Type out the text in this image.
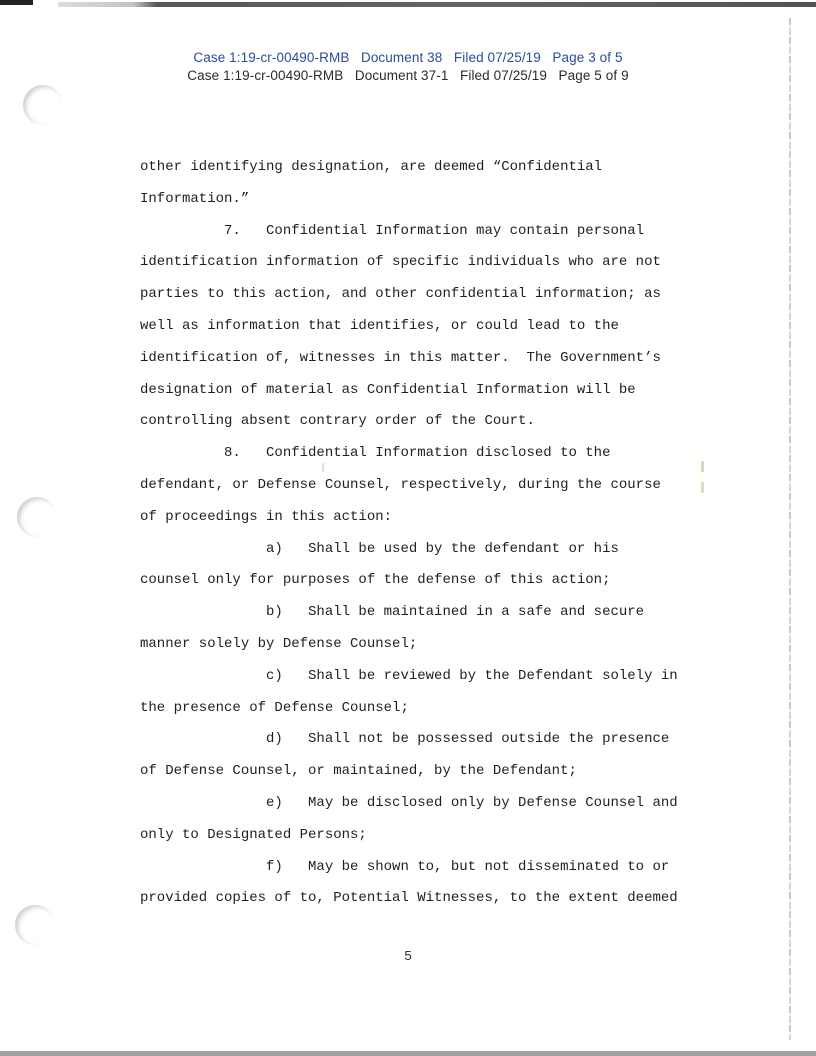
Case 1:19-cr-00490-RMB   Document 38   Filed 07/25/19   Page 3 of 5
Case 1:19-cr-00490-RMB   Document 37-1   Filed 07/25/19   Page 5 of 9
other identifying designation, are deemed “Confidential
Information.”
7.   Confidential Information may contain personal
identification information of specific individuals who are not
parties to this action, and other confidential information; as
well as information that identifies, or could lead to the
identification of, witnesses in this matter.  The Government’s
designation of material as Confidential Information will be
controlling absent contrary order of the Court.
8.   Confidential Information disclosed to the
defendant, or Defense Counsel, respectively, during the course
of proceedings in this action:
a)   Shall be used by the defendant or his
counsel only for purposes of the defense of this action;
b)   Shall be maintained in a safe and secure
manner solely by Defense Counsel;
c)   Shall be reviewed by the Defendant solely in
the presence of Defense Counsel;
d)   Shall not be possessed outside the presence
of Defense Counsel, or maintained, by the Defendant;
e)   May be disclosed only by Defense Counsel and
only to Designated Persons;
f)   May be shown to, but not disseminated to or
provided copies of to, Potential Witnesses, to the extent deemed
5
